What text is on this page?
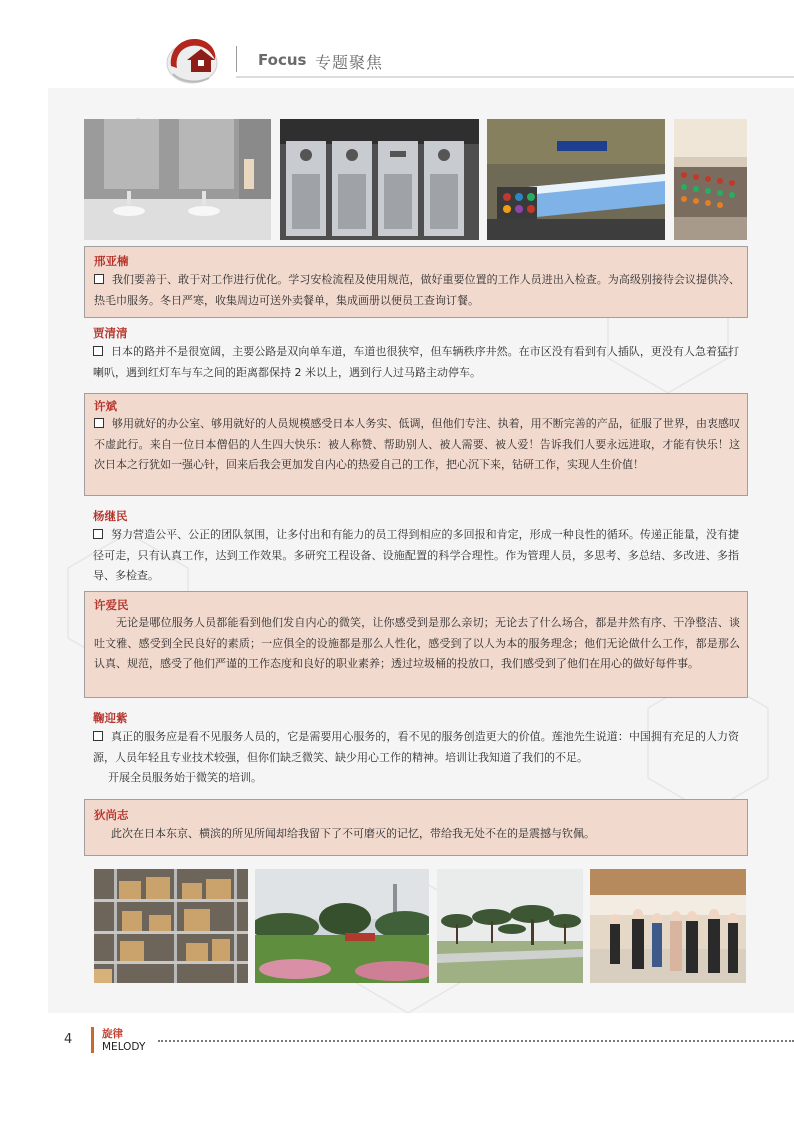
Focus 专题聚焦
邢亚楠

我们要善于、敢于对工作进行优化。学习安检流程及使用规范，做好重要位置的工作人员进出入检查。为高级别接待会议提供冷、热毛巾服务。冬日严寒，收集周边可送外卖餐单，集成画册以便员工查询订餐。

贾清清

日本的路并不是很宽阔，主要公路是双向单车道，车道也很狭窄，但车辆秩序井然。在市区没有看到有人插队，更没有人急着猛打喇叭，遇到红灯车与车之间的距离都保持 2 米以上，遇到行人过马路主动停车。

许斌

够用就好的办公室、够用就好的人员规模感受日本人务实、低调，但他们专注、执着，用不断完善的产品，征服了世界，由衷感叹不虚此行。来自一位日本僧侣的人生四大快乐：被人称赞、帮助别人、被人需要、被人爱！告诉我们人要永远进取，才能有快乐！这次日本之行犹如一强心针，回来后我会更加发自内心的热爱自己的工作，把心沉下来，钻研工作，实现人生价值！

杨继民

努力营造公平、公正的团队氛围，让多付出和有能力的员工得到相应的多回报和肯定，形成一种良性的循环。传递正能量，没有捷径可走，只有认真工作，达到工作效果。多研究工程设备、设施配置的科学合理性。作为管理人员，多思考、多总结、多改进、多指导、多检查。

许爱民

无论是哪位服务人员都能看到他们发自内心的微笑，让你感受到是那么亲切；无论去了什么场合，都是井然有序、干净整洁、谈吐文雅、感受到全民良好的素质；一应俱全的设施都是那么人性化，感受到了以人为本的服务理念；他们无论做什么工作，都是那么认真、规范，感受了他们严谨的工作态度和良好的职业素养；透过垃圾桶的投放口，我们感受到了他们在用心的做好每件事。

鞠迎紫

真正的服务应是看不见服务人员的，它是需要用心服务的，看不见的服务创造更大的价值。莲池先生说道：中国拥有充足的人力资源，人员年轻且专业技术较强，但你们缺乏微笑、缺少用心工作的精神。培训让我知道了我们的不足。

开展全员服务始于微笑的培训。

狄尚志

此次在日本东京、横滨的所见所闻却给我留下了不可磨灭的记忆，带给我无处不在的是震撼与钦佩。

4	旋律
MELODY
